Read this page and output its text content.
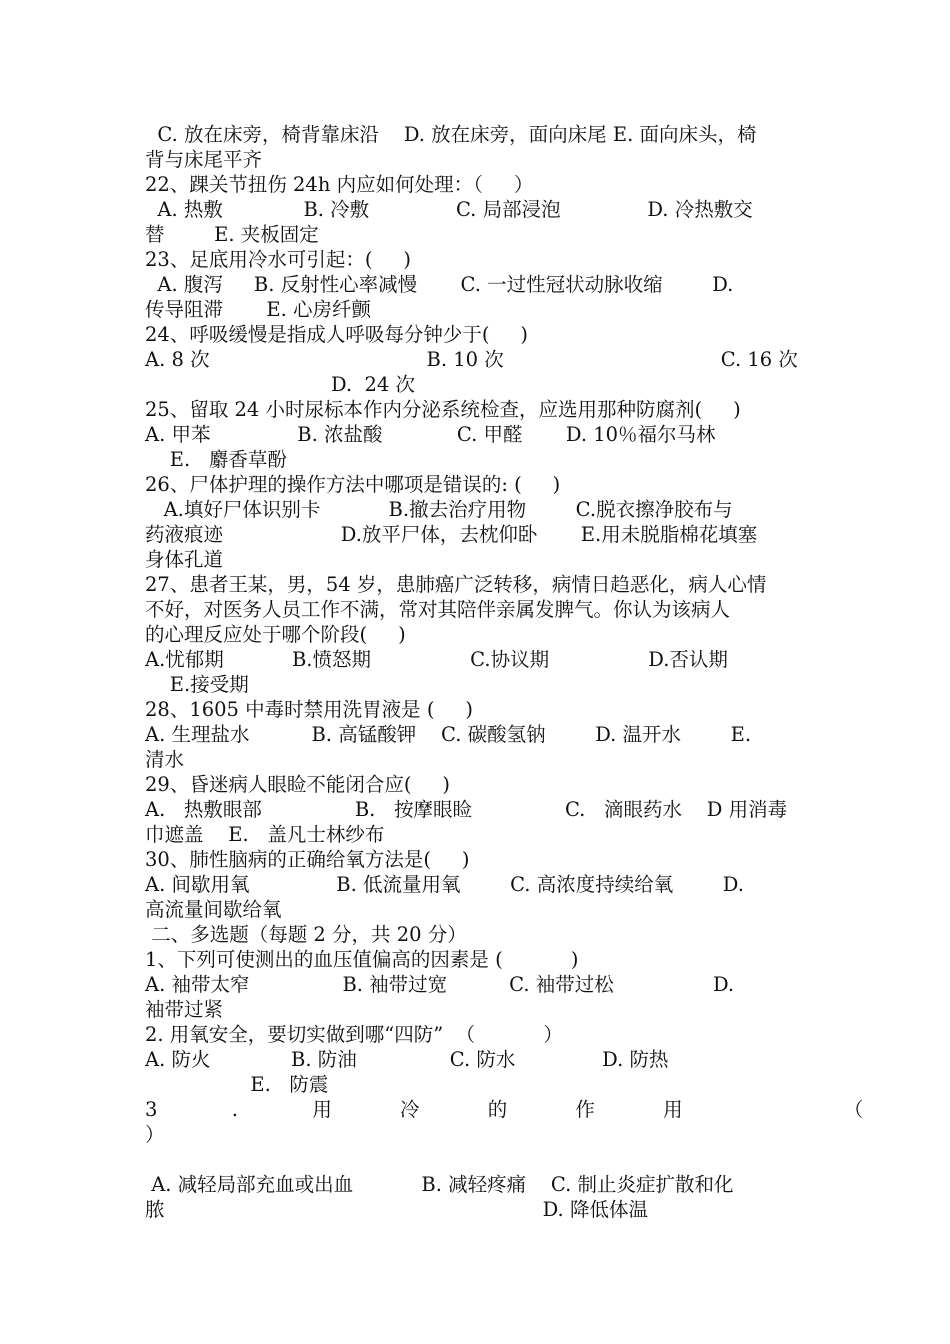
C. 放在床旁，椅背靠床沿    D. 放在床旁，面向床尾 E. 面向床头，椅
背与床尾平齐
22、踝关节扭伤 24h 内应如何处理：（     ）
A. 热敷             B. 冷敷              C. 局部浸泡              D. 冷热敷交
替        E. 夹板固定
23、足底用冷水可引起：(     )
A. 腹泻     B. 反射性心率减慢       C. 一过性冠状动脉收缩        D.
传导阻滞       E. 心房纤颤
24、呼吸缓慢是指成人呼吸每分钟少于(     )
A. 8 次                                   B. 10 次                                   C. 16 次
D.  24 次
25、留取 24 小时尿标本作内分泌系统检查，应选用那种防腐剂(     )
A. 甲苯              B. 浓盐酸            C. 甲醛       D. 10％福尔马林
E.   麝香草酚
26、尸体护理的操作方法中哪项是错误的: (     )
A.填好尸体识别卡           B.撤去治疗用物        C.脱衣擦净胶布与
药液痕迹                   D.放平尸体，去枕仰卧       E.用未脱脂棉花填塞
身体孔道
27、患者王某，男，54 岁，患肺癌广泛转移，病情日趋恶化，病人心情
不好，对医务人员工作不满，常对其陪伴亲属发脾气。你认为该病人
的心理反应处于哪个阶段(     )
A.忧郁期           B.愤怒期                C.协议期                D.否认期
E.接受期
28、1605 中毒时禁用洗胃液是 (     )
A. 生理盐水          B. 高锰酸钾    C. 碳酸氢钠        D. 温开水        E.
清水
29、昏迷病人眼睑不能闭合应(     )
A.   热敷眼部               B.   按摩眼睑               C.   滴眼药水    D 用消毒
巾遮盖    E.   盖凡士林纱布
30、肺性脑病的正确给氧方法是(     )
A. 间歇用氧              B. 低流量用氧        C. 高浓度持续给氧        D.
高流量间歇给氧
二、多选题（每题 2 分，共 20 分）
1、下列可使测出的血压值偏高的因素是 (           )
A. 袖带太窄               B. 袖带过宽          C. 袖带过松                D.
袖带过紧
2. 用氧安全，要切实做到哪“四防”  （           ）
A. 防火             B. 防油               C. 防水              D. 防热
E.   防震
3            .            用           冷           的           作           用                          （
）
A. 减轻局部充血或出血           B. 减轻疼痛    C. 制止炎症扩散和化
脓                                                             D. 降低体温
